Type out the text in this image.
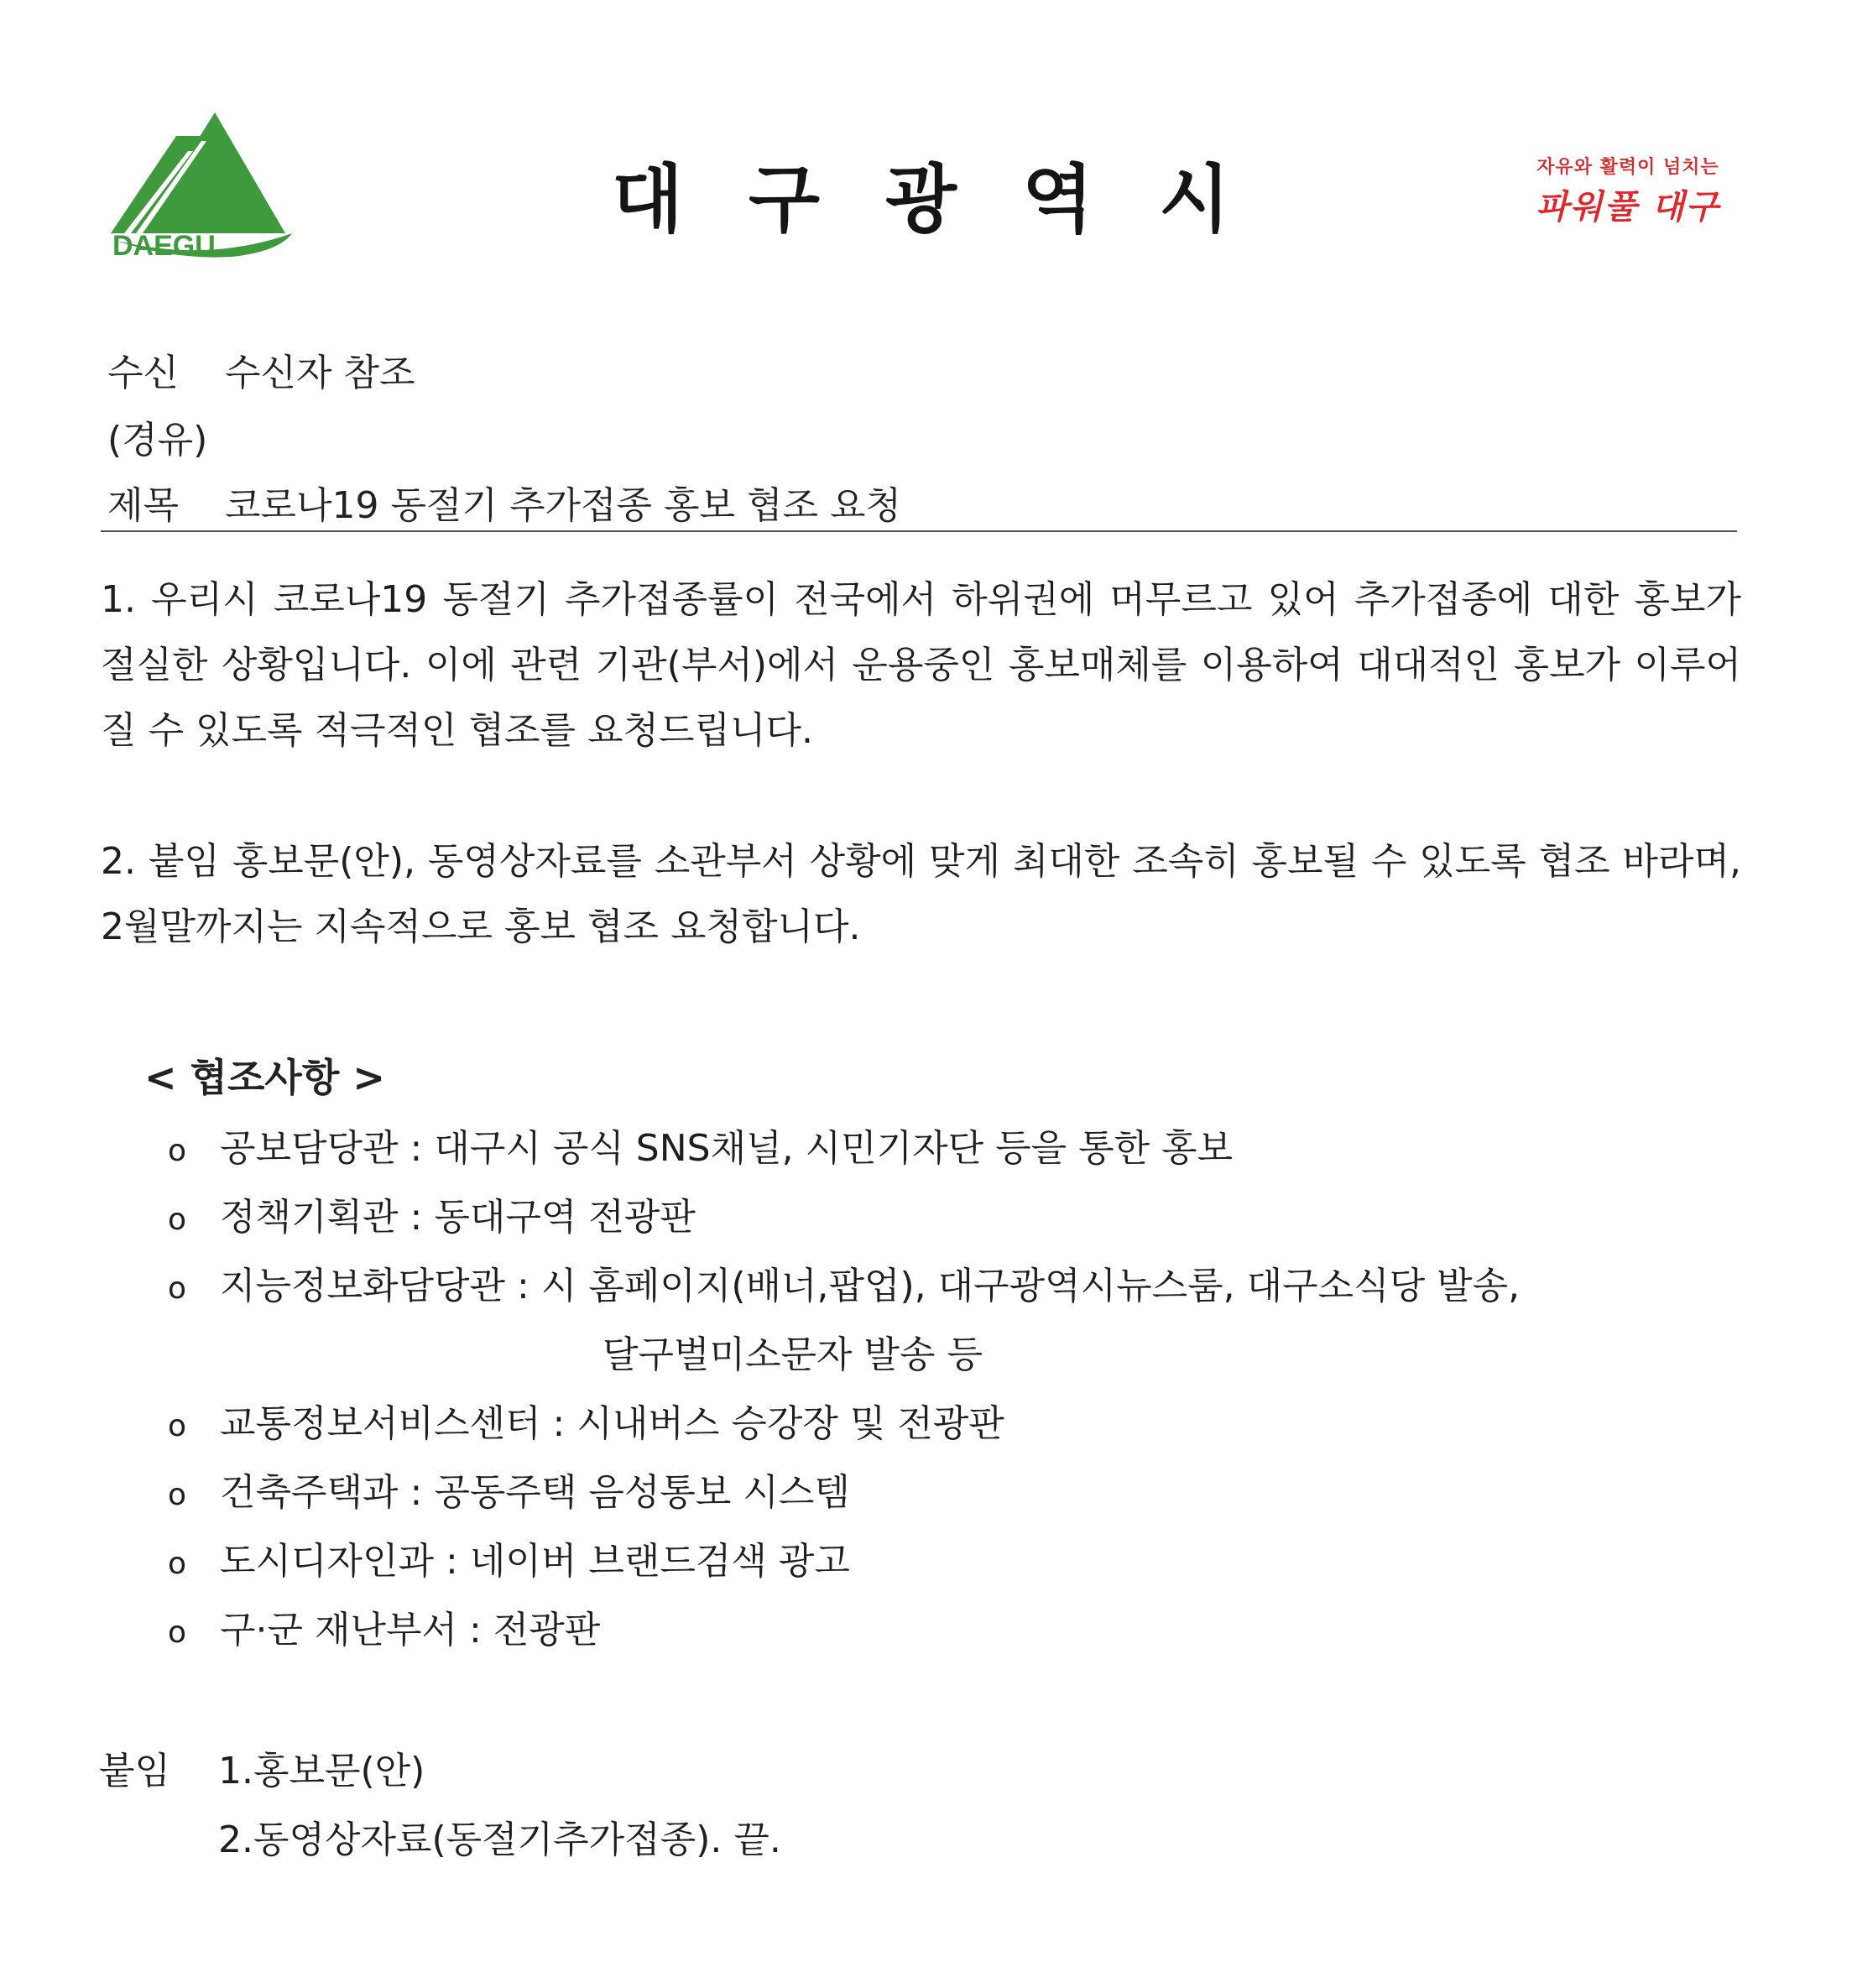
DAEGU
대구광역시	자유와 활력이 넘치는
파워풀 대구
수신 수신자 참조
(경유)
제목 코로나19 동절기 추가접종 홍보 협조 요청
1. 우리시 코로나19 동절기 추가접종률이 전국에서 하위권에 머무르고 있어 추가접종에 대한 홍보가 절실한 상황입니다. 이에 관련 기관(부서)에서 운용중인 홍보매체를 이용하여 대대적인 홍보가 이루어질 수 있도록 적극적인 협조를 요청드립니다.
2. 붙임 홍보문(안), 동영상자료를 소관부서 상황에 맞게 최대한 조속히 홍보될 수 있도록 협조 바라며, 2월말까지는 지속적으로 홍보 협조 요청합니다.
< 협조사항 >
o 공보담당관 : 대구시 공식 SNS채널, 시민기자단 등을 통한 홍보
o 정책기획관 : 동대구역 전광판
o 지능정보화담당관 : 시 홈페이지(배너,팝업), 대구광역시뉴스룸, 대구소식당 발송,
달구벌미소문자 발송 등
o 교통정보서비스센터 : 시내버스 승강장 및 전광판
o 건축주택과 : 공동주택 음성통보 시스템
o 도시디자인과 : 네이버 브랜드검색 광고
o 구·군 재난부서 : 전광판
붙임 1.홍보문(안)
2.동영상자료(동절기추가접종). 끝.
